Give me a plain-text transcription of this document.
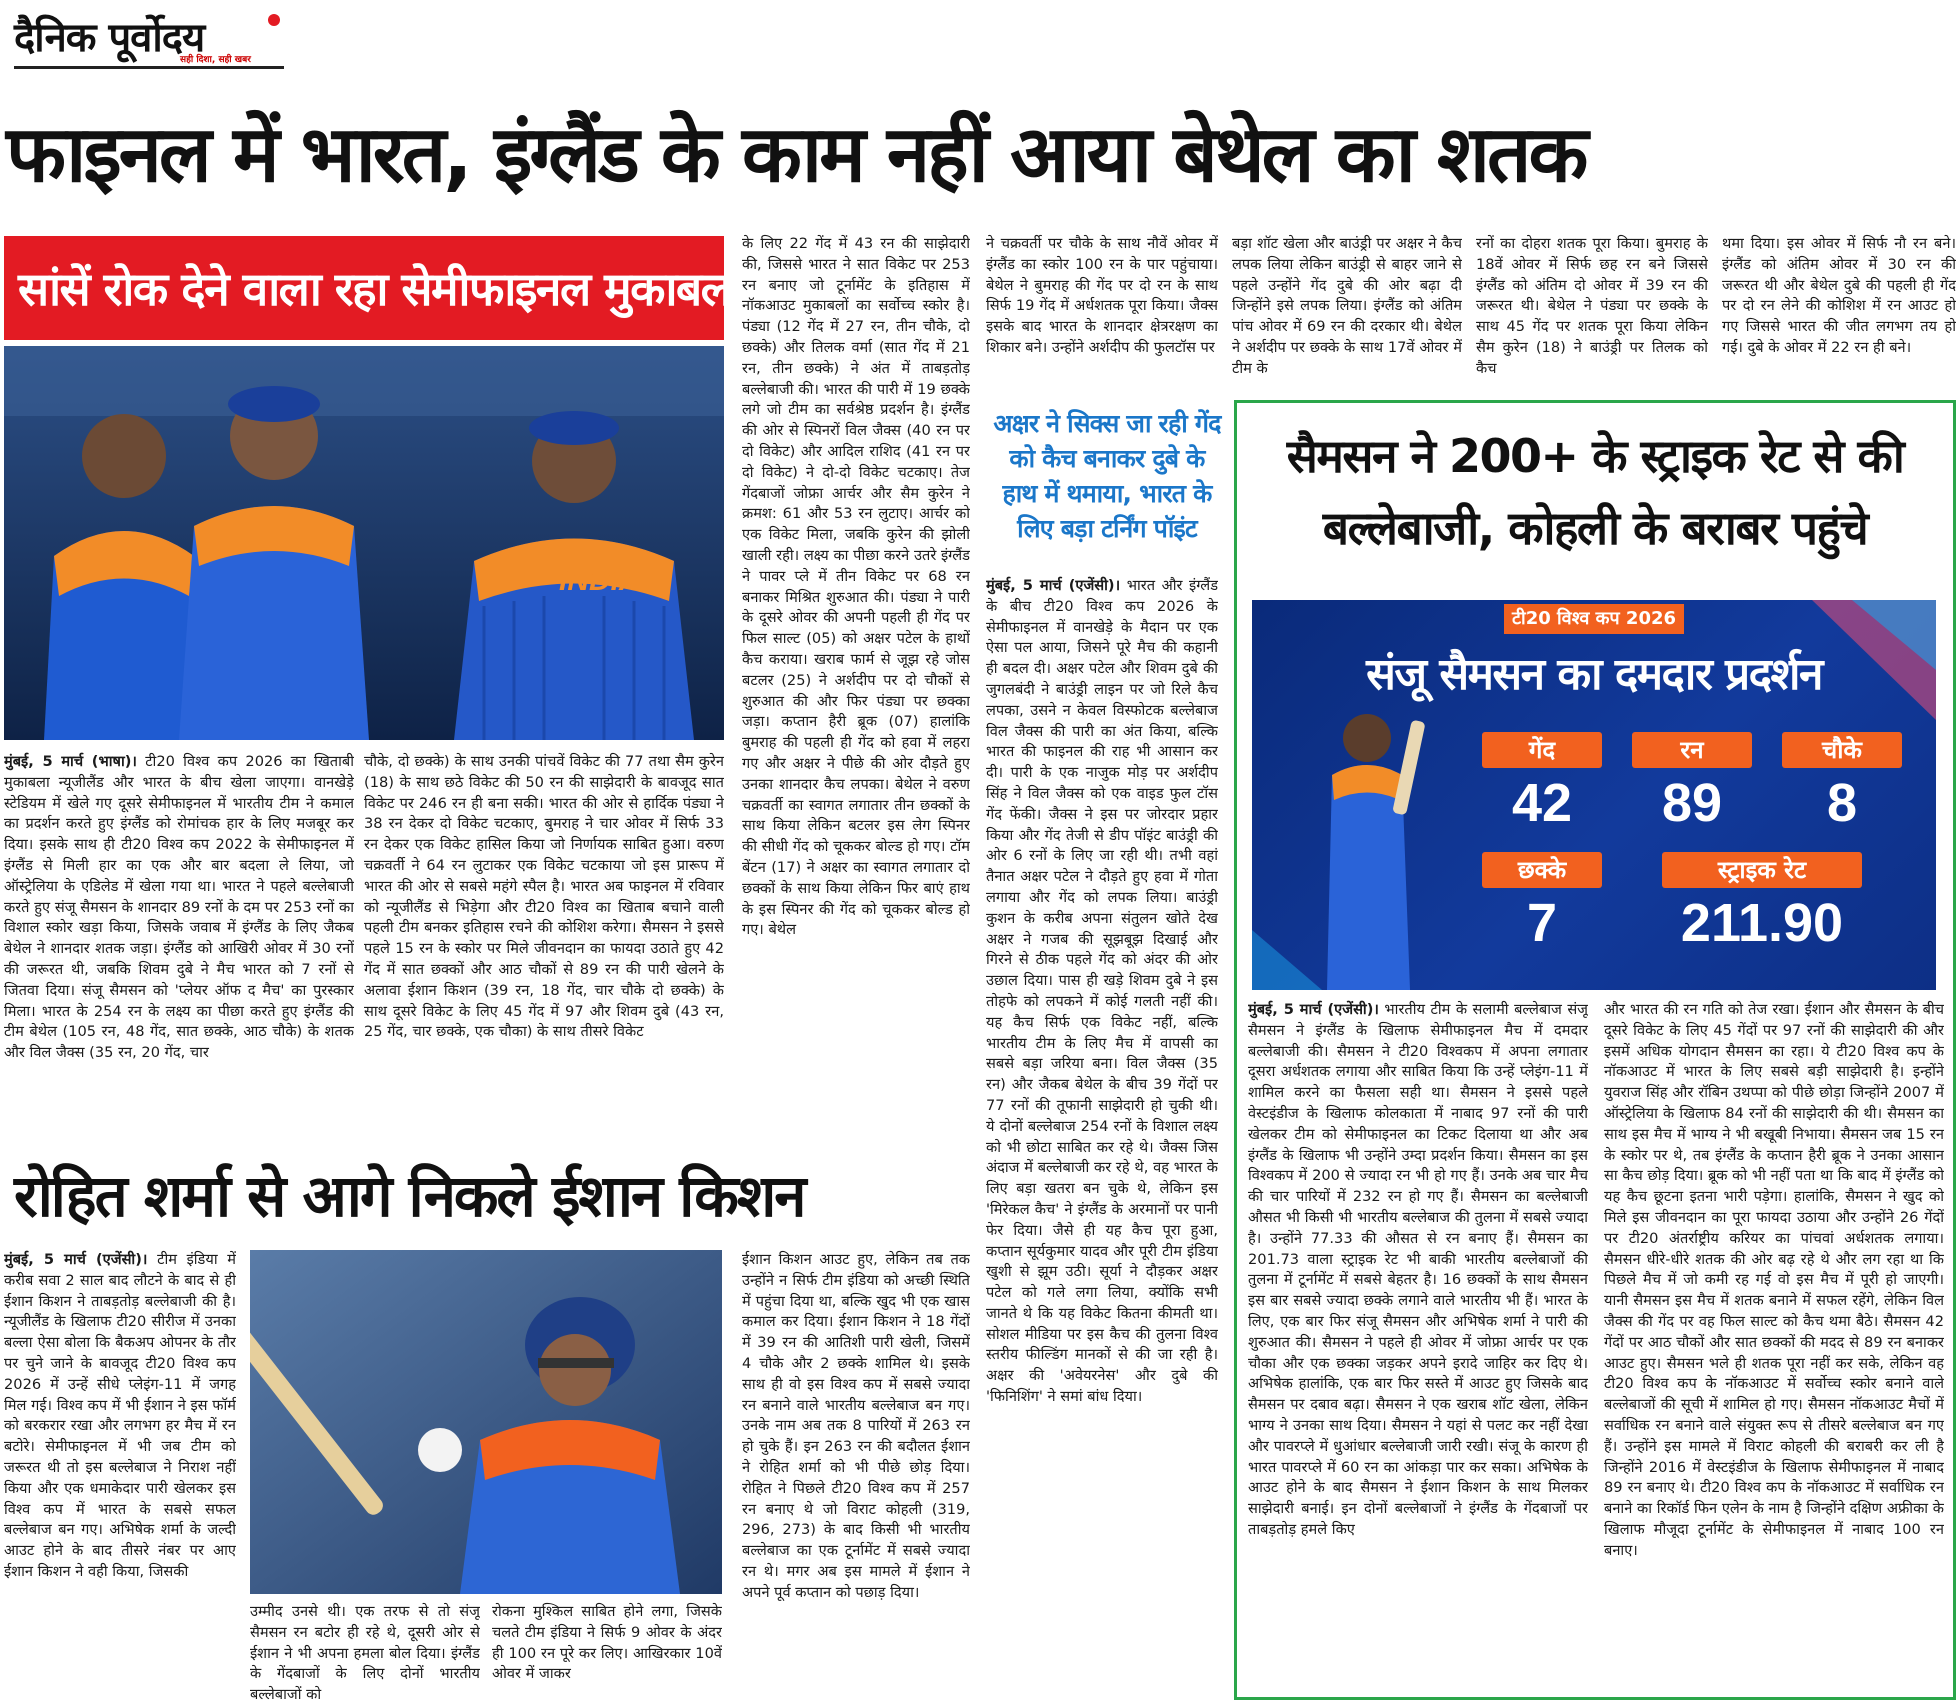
दैनिक पूर्वोदय
सही दिशा, सही खबर
फाइनल में भारत, इंग्लैंड के काम नहीं आया बेथेल का शतक
सांसें रोक देने वाला रहा सेमीफाइनल मुकाबला
INDIA
मुंबई, 5 मार्च (भाषा)। टी20 विश्व कप 2026 का खिताबी मुकाबला न्यूजीलैंड और भारत के बीच खेला जाएगा। वानखेड़े स्टेडियम में खेले गए दूसरे सेमीफाइनल में भारतीय टीम ने कमाल का प्रदर्शन करते हुए इंग्लैंड को रोमांचक हार के लिए मजबूर कर दिया। इसके साथ ही टी20 विश्व कप 2022 के सेमीफाइनल में इंग्लैंड से मिली हार का एक और बार बदला ले लिया, जो ऑस्ट्रेलिया के एडिलेड में खेला गया था। भारत ने पहले बल्लेबाजी करते हुए संजू सैमसन के शानदार 89 रनों के दम पर 253 रनों का विशाल स्कोर खड़ा किया, जिसके जवाब में इंग्लैंड के लिए जैकब बेथेल ने शानदार शतक जड़ा। इंग्लैंड को आखिरी ओवर में 30 रनों की जरूरत थी, जबकि शिवम दुबे ने मैच भारत को 7 रनों से जितवा दिया। संजू सैमसन को 'प्लेयर ऑफ द मैच' का पुरस्कार मिला। भारत के 254 रन के लक्ष्य का पीछा करते हुए इंग्लैंड की टीम बेथेल (105 रन, 48 गेंद, सात छक्के, आठ चौके) के शतक और विल जैक्स (35 रन, 20 गेंद, चार
चौके, दो छक्के) के साथ उनकी पांचवें विकेट की 77 तथा सैम कुरेन (18) के साथ छठे विकेट की 50 रन की साझेदारी के बावजूद सात विकेट पर 246 रन ही बना सकी। भारत की ओर से हार्दिक पंड्या ने 38 रन देकर दो विकेट चटकाए, बुमराह ने चार ओवर में सिर्फ 33 रन देकर एक विकेट हासिल किया जो निर्णायक साबित हुआ। वरुण चक्रवर्ती ने 64 रन लुटाकर एक विकेट चटकाया जो इस प्रारूप में भारत की ओर से सबसे महंगे स्पैल है। भारत अब फाइनल में रविवार को न्यूजीलैंड से भिड़ेगा और टी20 विश्व का खिताब बचाने वाली पहली टीम बनकर इतिहास रचने की कोशिश करेगा। सैमसन ने इससे पहले 15 रन के स्कोर पर मिले जीवनदान का फायदा उठाते हुए 42 गेंद में सात छक्कों और आठ चौकों से 89 रन की पारी खेलने के अलावा ईशान किशन (39 रन, 18 गेंद, चार चौके दो छक्के) के साथ दूसरे विकेट के लिए 45 गेंद में 97 और शिवम दुबे (43 रन, 25 गेंद, चार छक्के, एक चौका) के साथ तीसरे विकेट
के लिए 22 गेंद में 43 रन की साझेदारी की, जिससे भारत ने सात विकेट पर 253 रन बनाए जो टूर्नामेंट के इतिहास में नॉकआउट मुकाबलों का सर्वोच्च स्कोर है। पंड्या (12 गेंद में 27 रन, तीन चौके, दो छक्के) और तिलक वर्मा (सात गेंद में 21 रन, तीन छक्के) ने अंत में ताबड़तोड़ बल्लेबाजी की। भारत की पारी में 19 छक्के लगे जो टीम का सर्वश्रेष्ठ प्रदर्शन है। इंग्लैंड की ओर से स्पिनरों विल जैक्स (40 रन पर दो विकेट) और आदिल राशिद (41 रन पर दो विकेट) ने दो-दो विकेट चटकाए। तेज गेंदबाजों जोफ्रा आर्चर और सैम कुरेन ने क्रमश: 61 और 53 रन लुटाए। आर्चर को एक विकेट मिला, जबकि कुरेन की झोली खाली रही। लक्ष्य का पीछा करने उतरे इंग्लैंड ने पावर प्ले में तीन विकेट पर 68 रन बनाकर मिश्रित शुरुआत की। पंड्या ने पारी के दूसरे ओवर की अपनी पहली ही गेंद पर फिल साल्ट (05) को अक्षर पटेल के हाथों कैच कराया। खराब फार्म से जूझ रहे जोस बटलर (25) ने अर्शदीप पर दो चौकों से शुरुआत की और फिर पंड्या पर छक्का जड़ा। कप्तान हैरी ब्रूक (07) हालांकि बुमराह की पहली ही गेंद को हवा में लहरा गए और अक्षर ने पीछे की ओर दौड़ते हुए उनका शानदार कैच लपका। बेथेल ने वरुण चक्रवर्ती का स्वागत लगातार तीन छक्कों के साथ किया लेकिन बटलर इस लेग स्पिनर की सीधी गेंद को चूककर बोल्ड हो गए। टॉम बेंटन (17) ने अक्षर का स्वागत लगातार दो छक्कों के साथ किया लेकिन फिर बाएं हाथ के इस स्पिनर की गेंद को चूककर बोल्ड हो गए। बेथेल
ने चक्रवर्ती पर चौके के साथ नौवें ओवर में इंग्लैंड का स्कोर 100 रन के पार पहुंचाया। बेथेल ने बुमराह की गेंद पर दो रन के साथ सिर्फ 19 गेंद में अर्धशतक पूरा किया। जैक्स इसके बाद भारत के शानदार क्षेत्ररक्षण का शिकार बने। उन्होंने अर्शदीप की फुलटॉस पर
बड़ा शॉट खेला और बाउंड्री पर अक्षर ने कैच लपक लिया लेकिन बाउंड्री से बाहर जाने से पहले उन्होंने गेंद दुबे की ओर बढ़ा दी जिन्होंने इसे लपक लिया। इंग्लैंड को अंतिम पांच ओवर में 69 रन की दरकार थी। बेथेल ने अर्शदीप पर छक्के के साथ 17वें ओवर में टीम के
रनों का दोहरा शतक पूरा किया। बुमराह के 18वें ओवर में सिर्फ छह रन बने जिससे इंग्लैंड को अंतिम दो ओवर में 39 रन की जरूरत थी। बेथेल ने पंड्या पर छक्के के साथ 45 गेंद पर शतक पूरा किया लेकिन सैम कुरेन (18) ने बाउंड्री पर तिलक को कैच
थमा दिया। इस ओवर में सिर्फ नौ रन बने। इंग्लैंड को अंतिम ओवर में 30 रन की जरूरत थी और बेथेल दुबे की पहली ही गेंद पर दो रन लेने की कोशिश में रन आउट हो गए जिससे भारत की जीत लगभग तय हो गई। दुबे के ओवर में 22 रन ही बने।
अक्षर ने सिक्स जा रही गेंद को कैच बनाकर दुबे के हाथ में थमाया, भारत के लिए बड़ा टर्निंग पॉइंट
मुंबई, 5 मार्च (एजेंसी)। भारत और इंग्लैंड के बीच टी20 विश्व कप 2026 के सेमीफाइनल में वानखेड़े के मैदान पर एक ऐसा पल आया, जिसने पूरे मैच की कहानी ही बदल दी। अक्षर पटेल और शिवम दुबे की जुगलबंदी ने बाउंड्री लाइन पर जो रिले कैच लपका, उसने न केवल विस्फोटक बल्लेबाज विल जैक्स की पारी का अंत किया, बल्कि भारत की फाइनल की राह भी आसान कर दी। पारी के एक नाजुक मोड़ पर अर्शदीप सिंह ने विल जैक्स को एक वाइड फुल टॉस गेंद फेंकी। जैक्स ने इस पर जोरदार प्रहार किया और गेंद तेजी से डीप पॉइंट बाउंड्री की ओर 6 रनों के लिए जा रही थी। तभी वहां तैनात अक्षर पटेल ने दौड़ते हुए हवा में गोता लगाया और गेंद को लपक लिया। बाउंड्री कुशन के करीब अपना संतुलन खोते देख अक्षर ने गजब की सूझबूझ दिखाई और गिरने से ठीक पहले गेंद को अंदर की ओर उछाल दिया। पास ही खड़े शिवम दुबे ने इस तोहफे को लपकने में कोई गलती नहीं की। यह कैच सिर्फ एक विकेट नहीं, बल्कि भारतीय टीम के लिए मैच में वापसी का सबसे बड़ा जरिया बना। विल जैक्स (35 रन) और जैकब बेथेल के बीच 39 गेंदों पर 77 रनों की तूफानी साझेदारी हो चुकी थी। ये दोनों बल्लेबाज 254 रनों के विशाल लक्ष्य को भी छोटा साबित कर रहे थे। जैक्स जिस अंदाज में बल्लेबाजी कर रहे थे, वह भारत के लिए बड़ा खतरा बन चुके थे, लेकिन इस 'मिरेकल कैच' ने इंग्लैंड के अरमानों पर पानी फेर दिया। जैसे ही यह कैच पूरा हुआ, कप्तान सूर्यकुमार यादव और पूरी टीम इंडिया खुशी से झूम उठी। सूर्या ने दौड़कर अक्षर पटेल को गले लगा लिया, क्योंकि सभी जानते थे कि यह विकेट कितना कीमती था। सोशल मीडिया पर इस कैच की तुलना विश्व स्तरीय फील्डिंग मानकों से की जा रही है। अक्षर की 'अवेयरनेस' और दुबे की 'फिनिशिंग' ने समां बांध दिया।
सैमसन ने 200+ के स्ट्राइक रेट से की बल्लेबाजी, कोहली के बराबर पहुंचे
टी20 विश्व कप 2026
संजू सैमसन का दमदार प्रदर्शन
गेंद
42
रन
89
चौके
8
छक्के
7
स्ट्राइक रेट
211.90
मुंबई, 5 मार्च (एजेंसी)। भारतीय टीम के सलामी बल्लेबाज संजू सैमसन ने इंग्लैंड के खिलाफ सेमीफाइनल मैच में दमदार बल्लेबाजी की। सैमसन ने टी20 विश्वकप में अपना लगातार दूसरा अर्धशतक लगाया और साबित किया कि उन्हें प्लेइंग-11 में शामिल करने का फैसला सही था। सैमसन ने इससे पहले वेस्टइंडीज के खिलाफ कोलकाता में नाबाद 97 रनों की पारी खेलकर टीम को सेमीफाइनल का टिकट दिलाया था और अब इंग्लैंड के खिलाफ भी उन्होंने उम्दा प्रदर्शन किया। सैमसन का इस विश्वकप में 200 से ज्यादा रन भी हो गए हैं। उनके अब चार मैच की चार पारियों में 232 रन हो गए हैं। सैमसन का बल्लेबाजी औसत भी किसी भी भारतीय बल्लेबाज की तुलना में सबसे ज्यादा है। उन्होंने 77.33 की औसत से रन बनाए हैं। सैमसन का 201.73 वाला स्ट्राइक रेट भी बाकी भारतीय बल्लेबाजों की तुलना में टूर्नामेंट में सबसे बेहतर है। 16 छक्कों के साथ सैमसन इस बार सबसे ज्यादा छक्के लगाने वाले भारतीय भी हैं। भारत के लिए, एक बार फिर संजू सैमसन और अभिषेक शर्मा ने पारी की शुरुआत की। सैमसन ने पहले ही ओवर में जोफ्रा आर्चर पर एक चौका और एक छक्का जड़कर अपने इरादे जाहिर कर दिए थे। अभिषेक हालांकि, एक बार फिर सस्ते में आउट हुए जिसके बाद सैमसन पर दबाव बढ़ा। सैमसन ने एक खराब शॉट खेला, लेकिन भाग्य ने उनका साथ दिया। सैमसन ने यहां से पलट कर नहीं देखा और पावरप्ले में धुआंधार बल्लेबाजी जारी रखी। संजू के कारण ही भारत पावरप्ले में 60 रन का आंकड़ा पार कर सका। अभिषेक के आउट होने के बाद सैमसन ने ईशान किशन के साथ मिलकर साझेदारी बनाई। इन दोनों बल्लेबाजों ने इंग्लैंड के गेंदबाजों पर ताबड़तोड़ हमले किए
और भारत की रन गति को तेज रखा। ईशान और सैमसन के बीच दूसरे विकेट के लिए 45 गेंदों पर 97 रनों की साझेदारी की और इसमें अधिक योगदान सैमसन का रहा। ये टी20 विश्व कप के नॉकआउट में भारत के लिए सबसे बड़ी साझेदारी है। इन्होंने युवराज सिंह और रॉबिन उथप्पा को पीछे छोड़ा जिन्होंने 2007 में ऑस्ट्रेलिया के खिलाफ 84 रनों की साझेदारी की थी। सैमसन का साथ इस मैच में भाग्य ने भी बखूबी निभाया। सैमसन जब 15 रन के स्कोर पर थे, तब इंग्लैंड के कप्तान हैरी ब्रूक ने उनका आसान सा कैच छोड़ दिया। ब्रूक को भी नहीं पता था कि बाद में इंग्लैंड को यह कैच छूटना इतना भारी पड़ेगा। हालांकि, सैमसन ने खुद को मिले इस जीवनदान का पूरा फायदा उठाया और उन्होंने 26 गेंदों पर टी20 अंतर्राष्ट्रीय करियर का पांचवां अर्धशतक लगाया। सैमसन धीरे-धीरे शतक की ओर बढ़ रहे थे और लग रहा था कि पिछले मैच में जो कमी रह गई वो इस मैच में पूरी हो जाएगी। यानी सैमसन इस मैच में शतक बनाने में सफल रहेंगे, लेकिन विल जैक्स की गेंद पर वह फिल साल्ट को कैच थमा बैठे। सैमसन 42 गेंदों पर आठ चौकों और सात छक्कों की मदद से 89 रन बनाकर आउट हुए। सैमसन भले ही शतक पूरा नहीं कर सके, लेकिन वह टी20 विश्व कप के नॉकआउट में सर्वोच्च स्कोर बनाने वाले बल्लेबाजों की सूची में शामिल हो गए। सैमसन नॉकआउट मैचों में सर्वाधिक रन बनाने वाले संयुक्त रूप से तीसरे बल्लेबाज बन गए हैं। उन्होंने इस मामले में विराट कोहली की बराबरी कर ली है जिन्होंने 2016 में वेस्टइंडीज के खिलाफ सेमीफाइनल में नाबाद 89 रन बनाए थे। टी20 विश्व कप के नॉकआउट में सर्वाधिक रन बनाने का रिकॉर्ड फिन एलेन के नाम है जिन्होंने दक्षिण अफ्रीका के खिलाफ मौजूदा टूर्नामेंट के सेमीफाइनल में नाबाद 100 रन बनाए।
रोहित शर्मा से आगे निकले ईशान किशन
मुंबई, 5 मार्च (एजेंसी)। टीम इंडिया में करीब सवा 2 साल बाद लौटने के बाद से ही ईशान किशन ने ताबड़तोड़ बल्लेबाजी की है। न्यूजीलैंड के खिलाफ टी20 सीरीज में उनका बल्ला ऐसा बोला कि बैकअप ओपनर के तौर पर चुने जाने के बावजूद टी20 विश्व कप 2026 में उन्हें सीधे प्लेइंग-11 में जगह मिल गई। विश्व कप में भी ईशान ने इस फॉर्म को बरकरार रखा और लगभग हर मैच में रन बटोरे। सेमीफाइनल में भी जब टीम को जरूरत थी तो इस बल्लेबाज ने निराश नहीं किया और एक धमाकेदार पारी खेलकर इस विश्व कप में भारत के सबसे सफल बल्लेबाज बन गए। अभिषेक शर्मा के जल्दी आउट होने के बाद तीसरे नंबर पर आए ईशान किशन ने वही किया, जिसकी
उम्मीद उनसे थी। एक तरफ से तो संजू सैमसन रन बटोर ही रहे थे, दूसरी ओर से ईशान ने भी अपना हमला बोल दिया। इंग्लैंड के गेंदबाजों के लिए दोनों भारतीय बल्लेबाजों को
रोकना मुश्किल साबित होने लगा, जिसके चलते टीम इंडिया ने सिर्फ 9 ओवर के अंदर ही 100 रन पूरे कर लिए। आखिरकार 10वें ओवर में जाकर
ईशान किशन आउट हुए, लेकिन तब तक उन्होंने न सिर्फ टीम इंडिया को अच्छी स्थिति में पहुंचा दिया था, बल्कि खुद भी एक खास कमाल कर दिया। ईशान किशन ने 18 गेंदों में 39 रन की आतिशी पारी खेली, जिसमें 4 चौके और 2 छक्के शामिल थे। इसके साथ ही वो इस विश्व कप में सबसे ज्यादा रन बनाने वाले भारतीय बल्लेबाज बन गए। उनके नाम अब तक 8 पारियों में 263 रन हो चुके हैं। इन 263 रन की बदौलत ईशान ने रोहित शर्मा को भी पीछे छोड़ दिया। रोहित ने पिछले टी20 विश्व कप में 257 रन बनाए थे जो विराट कोहली (319, 296, 273) के बाद किसी भी भारतीय बल्लेबाज का एक टूर्नामेंट में सबसे ज्यादा रन थे। मगर अब इस मामले में ईशान ने अपने पूर्व कप्तान को पछाड़ दिया।
